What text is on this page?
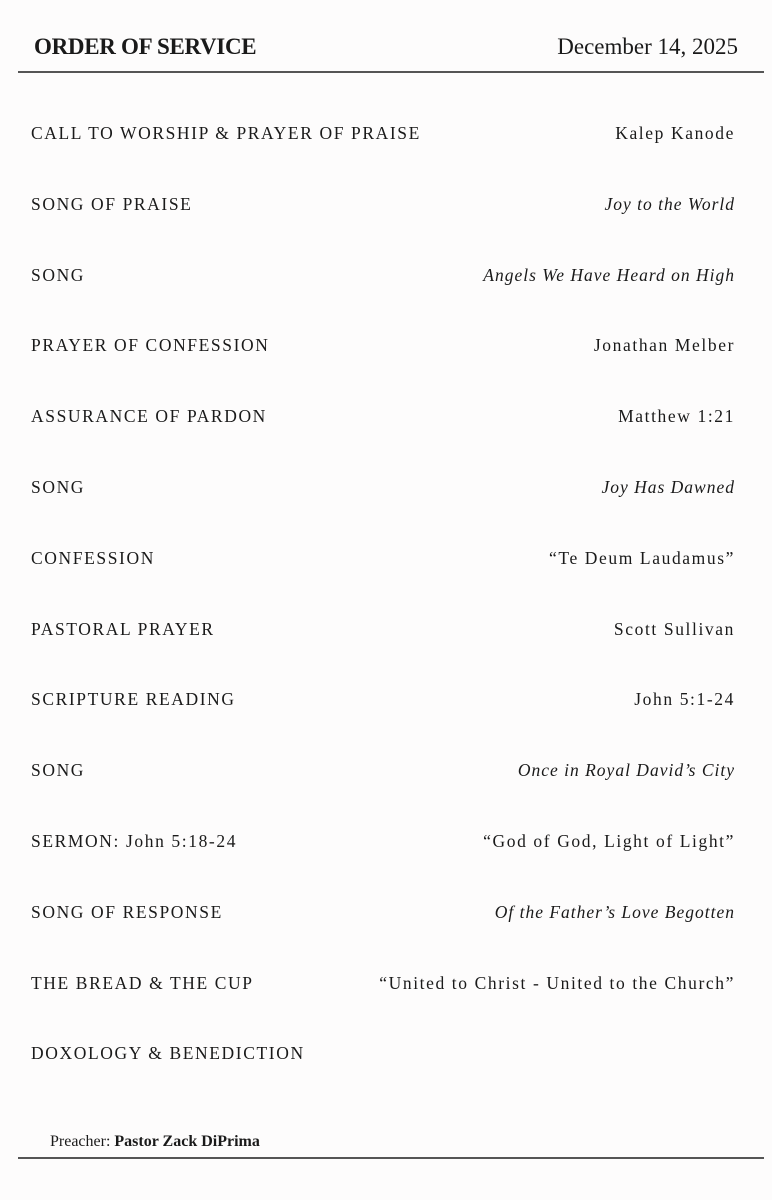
ORDER OF SERVICE	December 14, 2025
CALL TO WORSHIP & PRAYER OF PRAISE	Kalep Kanode
SONG OF PRAISE	Joy to the World
SONG	Angels We Have Heard on High
PRAYER OF CONFESSION	Jonathan Melber
ASSURANCE OF PARDON	Matthew 1:21
SONG	Joy Has Dawned
CONFESSION	“Te Deum Laudamus”
PASTORAL PRAYER	Scott Sullivan
SCRIPTURE READING	John 5:1-24
SONG	Once in Royal David’s City
SERMON: John 5:18-24	“God of God, Light of Light”
SONG OF RESPONSE	Of the Father’s Love Begotten
THE BREAD & THE CUP	“United to Christ - United to the Church”
DOXOLOGY & BENEDICTION
Preacher: Pastor Zack DiPrima
